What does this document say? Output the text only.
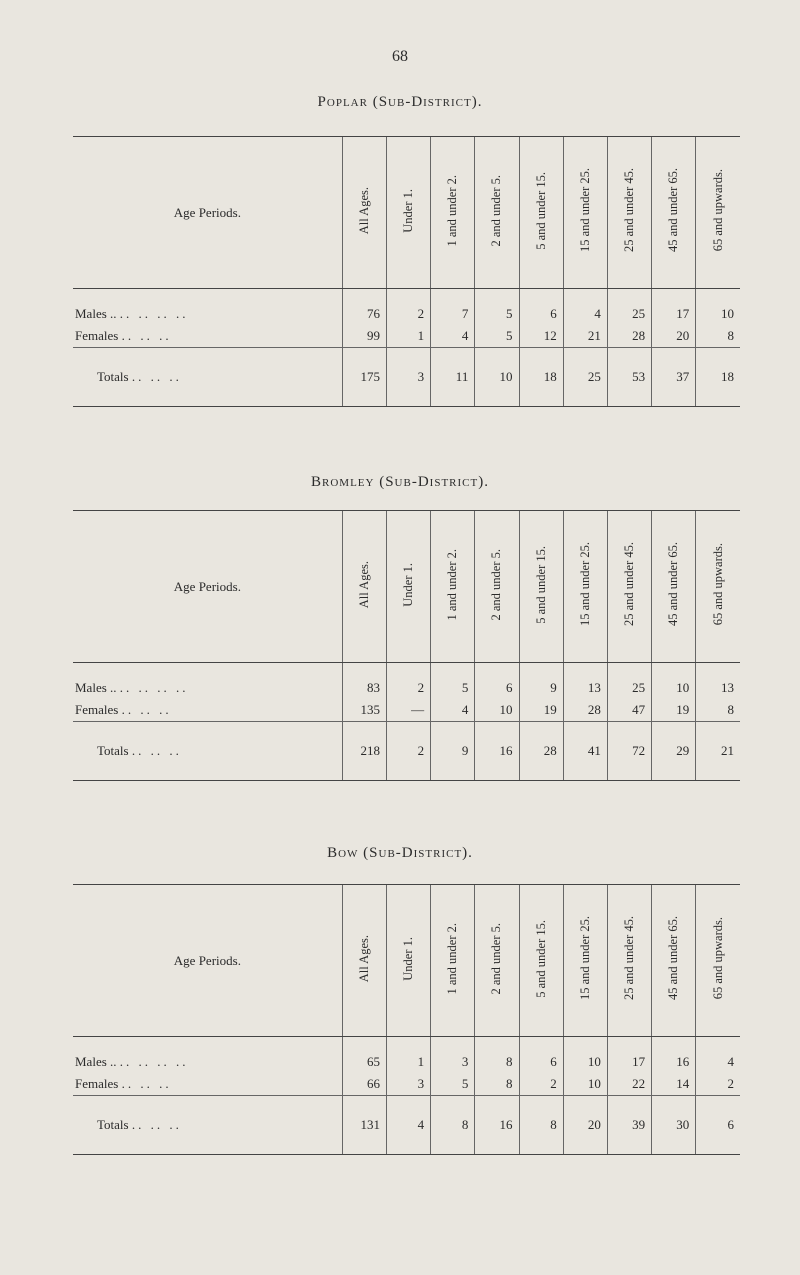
68
Poplar (Sub-District).
Age Periods.	All Ages.	Under 1.	1 and under 2.	2 and under 5.	5 and under 15.	15 and under 25.	25 and under 45.	45 and under 65.	65 and upwards.
Males .. .. .. .. ..	76	2	7	5	6	4	25	17	10
Females .. .. ..	99	1	4	5	12	21	28	20	8
Totals .. .. ..	175	3	11	10	18	25	53	37	18
Bromley (Sub-District).
Age Periods.	All Ages.	Under 1.	1 and under 2.	2 and under 5.	5 and under 15.	15 and under 25.	25 and under 45.	45 and under 65.	65 and upwards.
Males .. .. .. .. ..	83	2	5	6	9	13	25	10	13
Females .. .. ..	135	—	4	10	19	28	47	19	8
Totals .. .. ..	218	2	9	16	28	41	72	29	21
Bow (Sub-District).
Age Periods.	All Ages.	Under 1.	1 and under 2.	2 and under 5.	5 and under 15.	15 and under 25.	25 and under 45.	45 and under 65.	65 and upwards.
Males .. .. .. .. ..	65	1	3	8	6	10	17	16	4
Females .. .. ..	66	3	5	8	2	10	22	14	2
Totals .. .. ..	131	4	8	16	8	20	39	30	6
